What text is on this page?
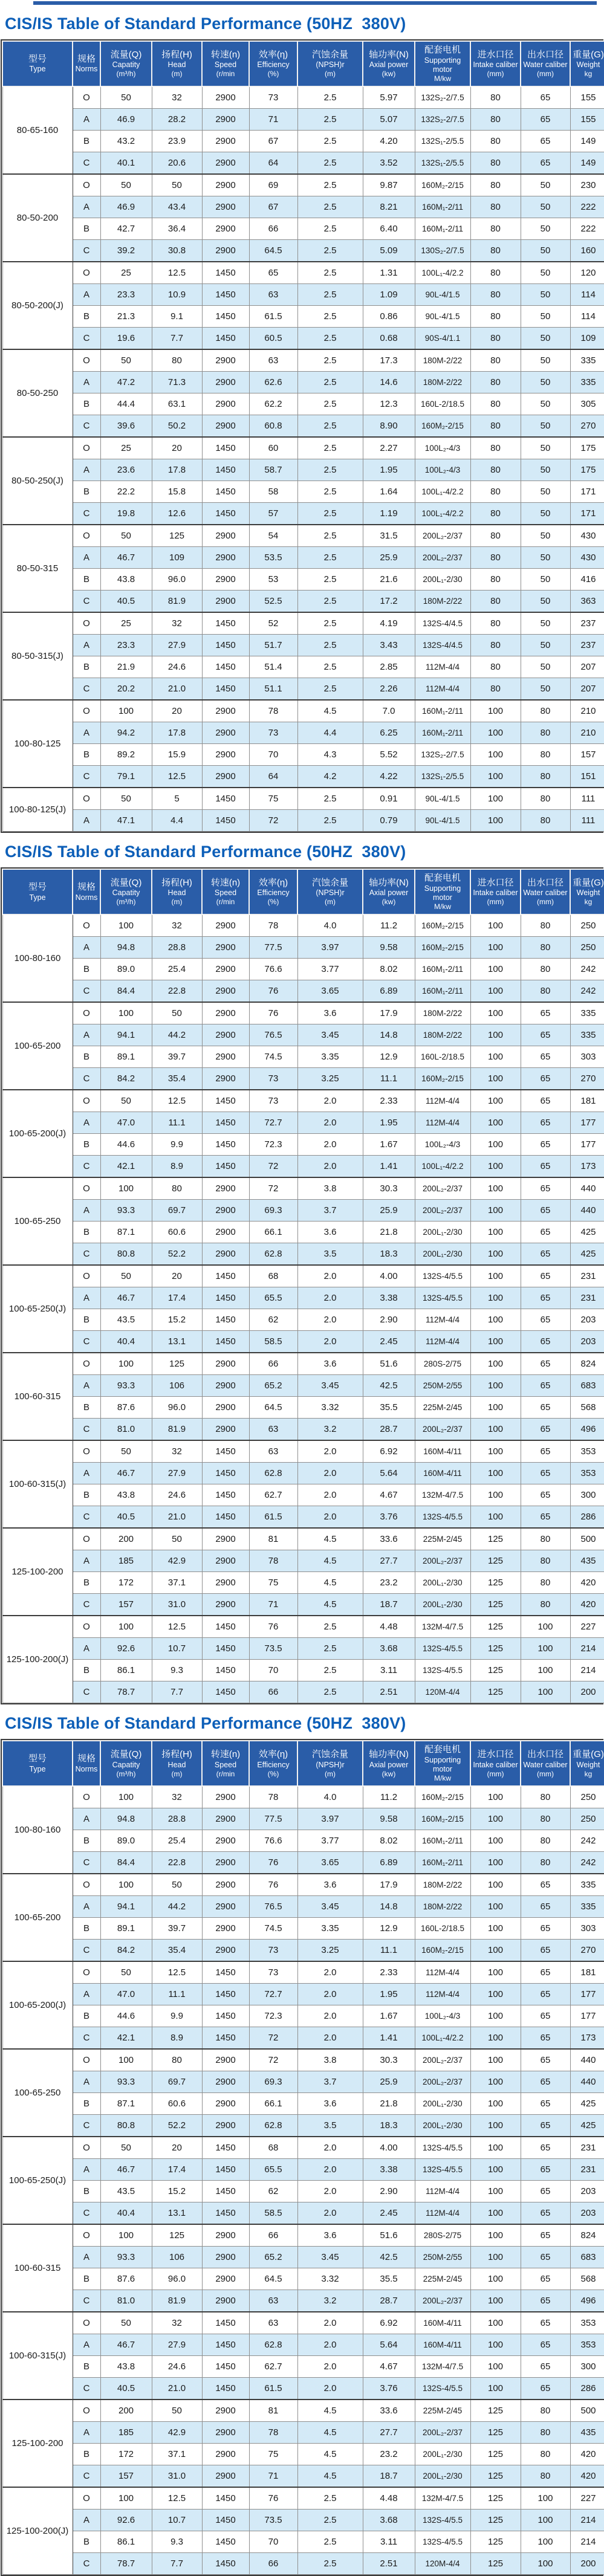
CIS/IS Table of Standard Performance (50HZ  380V)
型号
Type

规格
Norms

流量(Q)
Capatity
(m³/h)

扬程(H)
Head
(m)

转速(n)
Speed
(r/min

效率(η)
Efficiency
(%)

汽蚀余量
(NPSH)r
(m)

轴功率(N)
Axial power
(kw)

配套电机
Supporting motor
M/kw

进水口径
Intake caliber
(mm)

出水口径
Water caliber
(mm)

重量(G)
Weight
kg

80-65-160	O	50	32	2900	73	2.5	5.97	132S₂-2/7.5	80	65	155
	A	46.9	28.2	2900	71	2.5	5.07	132S₂-2/7.5	80	65	155
	B	43.2	23.9	2900	67	2.5	4.20	132S₁-2/5.5	80	65	149
	C	40.1	20.6	2900	64	2.5	3.52	132S₁-2/5.5	80	65	149
80-50-200	O	50	50	2900	69	2.5	9.87	160M₂-2/15	80	50	230
	A	46.9	43.4	2900	67	2.5	8.21	160M₁-2/11	80	50	222
	B	42.7	36.4	2900	66	2.5	6.40	160M₁-2/11	80	50	222
	C	39.2	30.8	2900	64.5	2.5	5.09	130S₂-2/7.5	80	50	160
80-50-200(J)	O	25	12.5	1450	65	2.5	1.31	100L₁-4/2.2	80	50	120
	A	23.3	10.9	1450	63	2.5	1.09	90L-4/1.5	80	50	114
	B	21.3	9.1	1450	61.5	2.5	0.86	90L-4/1.5	80	50	114
	C	19.6	7.7	1450	60.5	2.5	0.68	90S-4/1.1	80	50	109
80-50-250	O	50	80	2900	63	2.5	17.3	180M-2/22	80	50	335
	A	47.2	71.3	2900	62.6	2.5	14.6	180M-2/22	80	50	335
	B	44.4	63.1	2900	62.2	2.5	12.3	160L-2/18.5	80	50	305
	C	39.6	50.2	2900	60.8	2.5	8.90	160M₂-2/15	80	50	270
80-50-250(J)	O	25	20	1450	60	2.5	2.27	100L₂-4/3	80	50	175
	A	23.6	17.8	1450	58.7	2.5	1.95	100L₂-4/3	80	50	175
	B	22.2	15.8	1450	58	2.5	1.64	100L₁-4/2.2	80	50	171
	C	19.8	12.6	1450	57	2.5	1.19	100L₁-4/2.2	80	50	171
80-50-315	O	50	125	2900	54	2.5	31.5	200L₂-2/37	80	50	430
	A	46.7	109	2900	53.5	2.5	25.9	200L₂-2/37	80	50	430
	B	43.8	96.0	2900	53	2.5	21.6	200L₁-2/30	80	50	416
	C	40.5	81.9	2900	52.5	2.5	17.2	180M-2/22	80	50	363
80-50-315(J)	O	25	32	1450	52	2.5	4.19	132S-4/4.5	80	50	237
	A	23.3	27.9	1450	51.7	2.5	3.43	132S-4/4.5	80	50	237
	B	21.9	24.6	1450	51.4	2.5	2.85	112M-4/4	80	50	207
	C	20.2	21.0	1450	51.1	2.5	2.26	112M-4/4	80	50	207
100-80-125	O	100	20	2900	78	4.5	7.0	160M₁-2/11	100	80	210
	A	94.2	17.8	2900	73	4.4	6.25	160M₁-2/11	100	80	210
	B	89.2	15.9	2900	70	4.3	5.52	132S₂-2/7.5	100	80	157
	C	79.1	12.5	2900	64	4.2	4.22	132S₁-2/5.5	100	80	151
100-80-125(J)	O	50	5	1450	75	2.5	0.91	90L-4/1.5	100	80	111
	A	47.1	4.4	1450	72	2.5	0.79	90L-4/1.5	100	80	111
CIS/IS Table of Standard Performance (50HZ  380V)
型号
Type

规格
Norms

流量(Q)
Capatity
(m³/h)

扬程(H)
Head
(m)

转速(n)
Speed
(r/min

效率(η)
Efficiency
(%)

汽蚀余量
(NPSH)r
(m)

轴功率(N)
Axial power
(kw)

配套电机
Supporting motor
M/kw

进水口径
Intake caliber
(mm)

出水口径
Water caliber
(mm)

重量(G)
Weight
kg

100-80-160	O	100	32	2900	78	4.0	11.2	160M₂-2/15	100	80	250
	A	94.8	28.8	2900	77.5	3.97	9.58	160M₂-2/15	100	80	250
	B	89.0	25.4	2900	76.6	3.77	8.02	160M₁-2/11	100	80	242
	C	84.4	22.8	2900	76	3.65	6.89	160M₁-2/11	100	80	242
100-65-200	O	100	50	2900	76	3.6	17.9	180M-2/22	100	65	335
	A	94.1	44.2	2900	76.5	3.45	14.8	180M-2/22	100	65	335
	B	89.1	39.7	2900	74.5	3.35	12.9	160L-2/18.5	100	65	303
	C	84.2	35.4	2900	73	3.25	11.1	160M₂-2/15	100	65	270
100-65-200(J)	O	50	12.5	1450	73	2.0	2.33	112M-4/4	100	65	181
	A	47.0	11.1	1450	72.7	2.0	1.95	112M-4/4	100	65	177
	B	44.6	9.9	1450	72.3	2.0	1.67	100L₂-4/3	100	65	177
	C	42.1	8.9	1450	72	2.0	1.41	100L₁-4/2.2	100	65	173
100-65-250	O	100	80	2900	72	3.8	30.3	200L₂-2/37	100	65	440
	A	93.3	69.7	2900	69.3	3.7	25.9	200L₂-2/37	100	65	440
	B	87.1	60.6	2900	66.1	3.6	21.8	200L₁-2/30	100	65	425
	C	80.8	52.2	2900	62.8	3.5	18.3	200L₁-2/30	100	65	425
100-65-250(J)	O	50	20	1450	68	2.0	4.00	132S-4/5.5	100	65	231
	A	46.7	17.4	1450	65.5	2.0	3.38	132S-4/5.5	100	65	231
	B	43.5	15.2	1450	62	2.0	2.90	112M-4/4	100	65	203
	C	40.4	13.1	1450	58.5	2.0	2.45	112M-4/4	100	65	203
100-60-315	O	100	125	2900	66	3.6	51.6	280S-2/75	100	65	824
	A	93.3	106	2900	65.2	3.45	42.5	250M-2/55	100	65	683
	B	87.6	96.0	2900	64.5	3.32	35.5	225M-2/45	100	65	568
	C	81.0	81.9	2900	63	3.2	28.7	200L₂-2/37	100	65	496
100-60-315(J)	O	50	32	1450	63	2.0	6.92	160M-4/11	100	65	353
	A	46.7	27.9	1450	62.8	2.0	5.64	160M-4/11	100	65	353
	B	43.8	24.6	1450	62.7	2.0	4.67	132M-4/7.5	100	65	300
	C	40.5	21.0	1450	61.5	2.0	3.76	132S-4/5.5	100	65	286
125-100-200	O	200	50	2900	81	4.5	33.6	225M-2/45	125	80	500
	A	185	42.9	2900	78	4.5	27.7	200L₂-2/37	125	80	435
	B	172	37.1	2900	75	4.5	23.2	200L₁-2/30	125	80	420
	C	157	31.0	2900	71	4.5	18.7	200L₁-2/30	125	80	420
125-100-200(J)	O	100	12.5	1450	76	2.5	4.48	132M-4/7.5	125	100	227
	A	92.6	10.7	1450	73.5	2.5	3.68	132S-4/5.5	125	100	214
	B	86.1	9.3	1450	70	2.5	3.11	132S-4/5.5	125	100	214
	C	78.7	7.7	1450	66	2.5	2.51	120M-4/4	125	100	200
CIS/IS Table of Standard Performance (50HZ  380V)
型号
Type

规格
Norms

流量(Q)
Capatity
(m³/h)

扬程(H)
Head
(m)

转速(n)
Speed
(r/min

效率(η)
Efficiency
(%)

汽蚀余量
(NPSH)r
(m)

轴功率(N)
Axial power
(kw)

配套电机
Supporting motor
M/kw

进水口径
Intake caliber
(mm)

出水口径
Water caliber
(mm)

重量(G)
Weight
kg

100-80-160	O	100	32	2900	78	4.0	11.2	160M₂-2/15	100	80	250
	A	94.8	28.8	2900	77.5	3.97	9.58	160M₂-2/15	100	80	250
	B	89.0	25.4	2900	76.6	3.77	8.02	160M₁-2/11	100	80	242
	C	84.4	22.8	2900	76	3.65	6.89	160M₁-2/11	100	80	242
100-65-200	O	100	50	2900	76	3.6	17.9	180M-2/22	100	65	335
	A	94.1	44.2	2900	76.5	3.45	14.8	180M-2/22	100	65	335
	B	89.1	39.7	2900	74.5	3.35	12.9	160L-2/18.5	100	65	303
	C	84.2	35.4	2900	73	3.25	11.1	160M₂-2/15	100	65	270
100-65-200(J)	O	50	12.5	1450	73	2.0	2.33	112M-4/4	100	65	181
	A	47.0	11.1	1450	72.7	2.0	1.95	112M-4/4	100	65	177
	B	44.6	9.9	1450	72.3	2.0	1.67	100L₂-4/3	100	65	177
	C	42.1	8.9	1450	72	2.0	1.41	100L₁-4/2.2	100	65	173
100-65-250	O	100	80	2900	72	3.8	30.3	200L₂-2/37	100	65	440
	A	93.3	69.7	2900	69.3	3.7	25.9	200L₂-2/37	100	65	440
	B	87.1	60.6	2900	66.1	3.6	21.8	200L₁-2/30	100	65	425
	C	80.8	52.2	2900	62.8	3.5	18.3	200L₁-2/30	100	65	425
100-65-250(J)	O	50	20	1450	68	2.0	4.00	132S-4/5.5	100	65	231
	A	46.7	17.4	1450	65.5	2.0	3.38	132S-4/5.5	100	65	231
	B	43.5	15.2	1450	62	2.0	2.90	112M-4/4	100	65	203
	C	40.4	13.1	1450	58.5	2.0	2.45	112M-4/4	100	65	203
100-60-315	O	100	125	2900	66	3.6	51.6	280S-2/75	100	65	824
	A	93.3	106	2900	65.2	3.45	42.5	250M-2/55	100	65	683
	B	87.6	96.0	2900	64.5	3.32	35.5	225M-2/45	100	65	568
	C	81.0	81.9	2900	63	3.2	28.7	200L₂-2/37	100	65	496
100-60-315(J)	O	50	32	1450	63	2.0	6.92	160M-4/11	100	65	353
	A	46.7	27.9	1450	62.8	2.0	5.64	160M-4/11	100	65	353
	B	43.8	24.6	1450	62.7	2.0	4.67	132M-4/7.5	100	65	300
	C	40.5	21.0	1450	61.5	2.0	3.76	132S-4/5.5	100	65	286
125-100-200	O	200	50	2900	81	4.5	33.6	225M-2/45	125	80	500
	A	185	42.9	2900	78	4.5	27.7	200L₂-2/37	125	80	435
	B	172	37.1	2900	75	4.5	23.2	200L₁-2/30	125	80	420
	C	157	31.0	2900	71	4.5	18.7	200L₁-2/30	125	80	420
125-100-200(J)	O	100	12.5	1450	76	2.5	4.48	132M-4/7.5	125	100	227
	A	92.6	10.7	1450	73.5	2.5	3.68	132S-4/5.5	125	100	214
	B	86.1	9.3	1450	70	2.5	3.11	132S-4/5.5	125	100	214
	C	78.7	7.7	1450	66	2.5	2.51	120M-4/4	125	100	200
